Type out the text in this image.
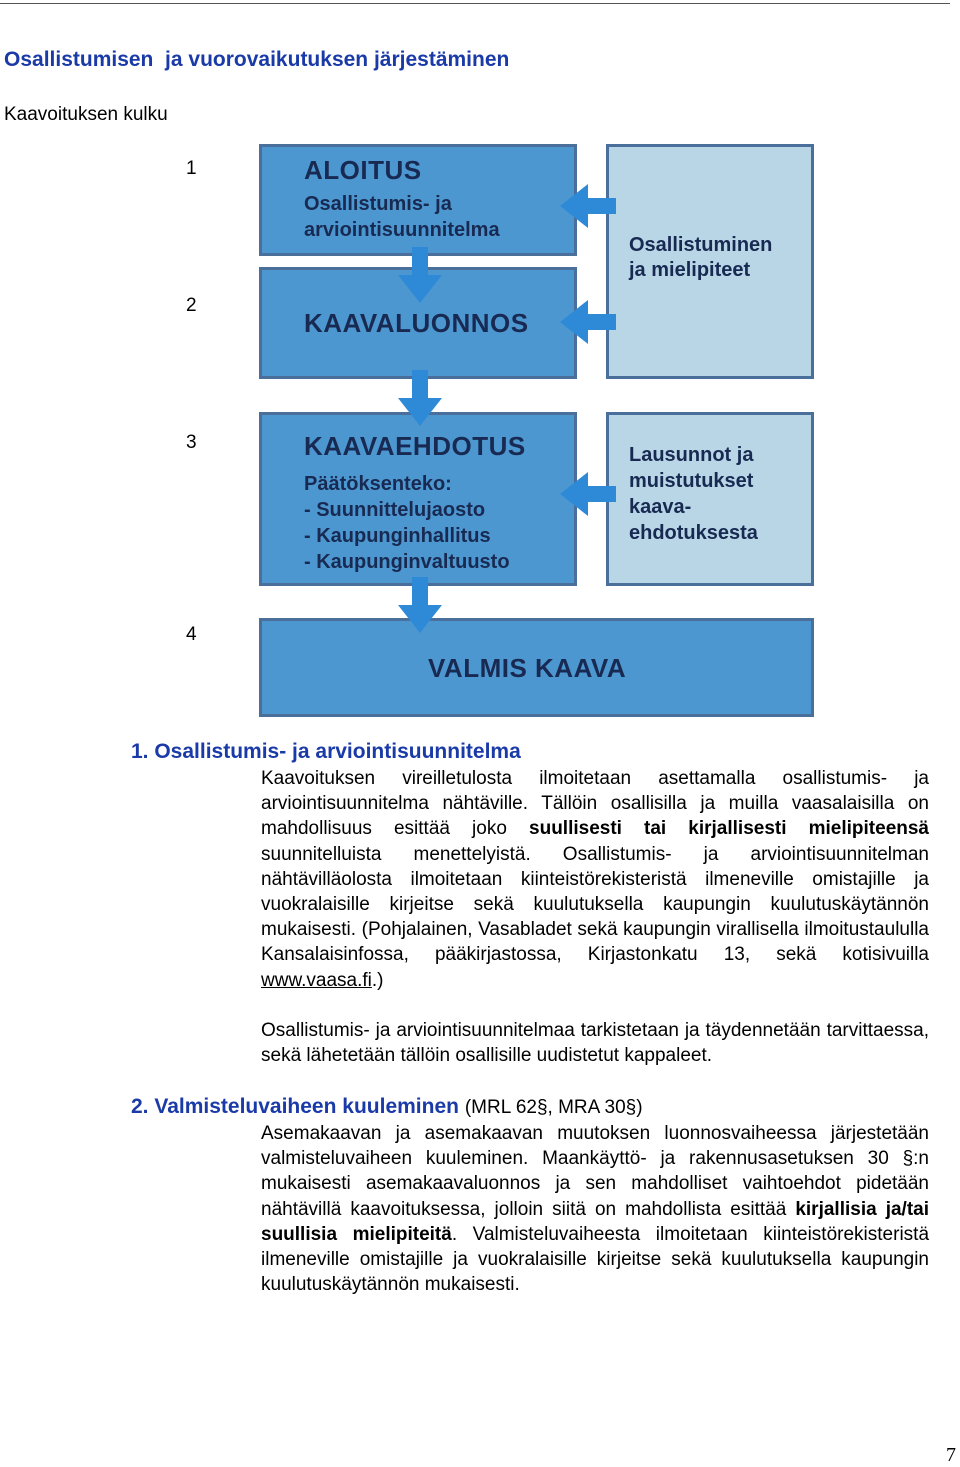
Osallistumisen  ja vuorovaikutuksen järjestäminen
Kaavoituksen kulku
1
2
3
4
ALOITUS
Osallistumis- ja
arviointisuunnitelma
KAAVALUONNOS
KAAVAEHDOTUS
Päätöksenteko:
- Suunnittelujaosto
- Kaupunginhallitus
- Kaupunginvaltuusto
VALMIS KAAVA
Osallistuminen
ja mielipiteet
Lausunnot ja
muistutukset
kaava-
ehdotuksesta
1. Osallistumis- ja arviointisuunnitelma
Kaavoituksen vireilletulosta ilmoitetaan asettamalla osallistumis- ja arviointisuunnitelma nähtäville. Tällöin osallisilla ja muilla vaasalaisilla on mahdollisuus esittää joko suullisesti tai kirjallisesti mielipiteensä suunnitelluista menettelyistä. Osallistumis- ja arviointisuunnitelman nähtävilläolosta ilmoitetaan kiinteistörekisteristä ilmeneville omistajille ja vuokralaisille kirjeitse sekä kuulutuksella kaupungin kuulutuskäytännön mukaisesti. (Pohjalainen, Vasabladet sekä kaupungin virallisella ilmoitustaululla Kansalaisinfossa, pääkirjastossa, Kirjastonkatu 13, sekä kotisivuilla www.vaasa.fi.)
Osallistumis- ja arviointisuunnitelmaa tarkistetaan ja täydennetään tarvittaessa, sekä lähetetään tällöin osallisille uudistetut kappaleet.
2. Valmisteluvaiheen kuuleminen (MRL 62§, MRA 30§)
Asemakaavan ja asemakaavan muutoksen luonnosvaiheessa järjestetään valmisteluvaiheen kuuleminen. Maankäyttö- ja rakennusasetuksen 30 §:n mukaisesti asemakaavaluonnos ja sen mahdolliset vaihtoehdot pidetään nähtävillä kaavoituksessa, jolloin siitä on mahdollista esittää kirjallisia ja/tai suullisia mielipiteitä. Valmisteluvaiheesta ilmoitetaan kiinteistörekisteristä ilmeneville omistajille ja vuokralaisille kirjeitse sekä kuulutuksella kaupungin kuulutuskäytännön mukaisesti.
7
